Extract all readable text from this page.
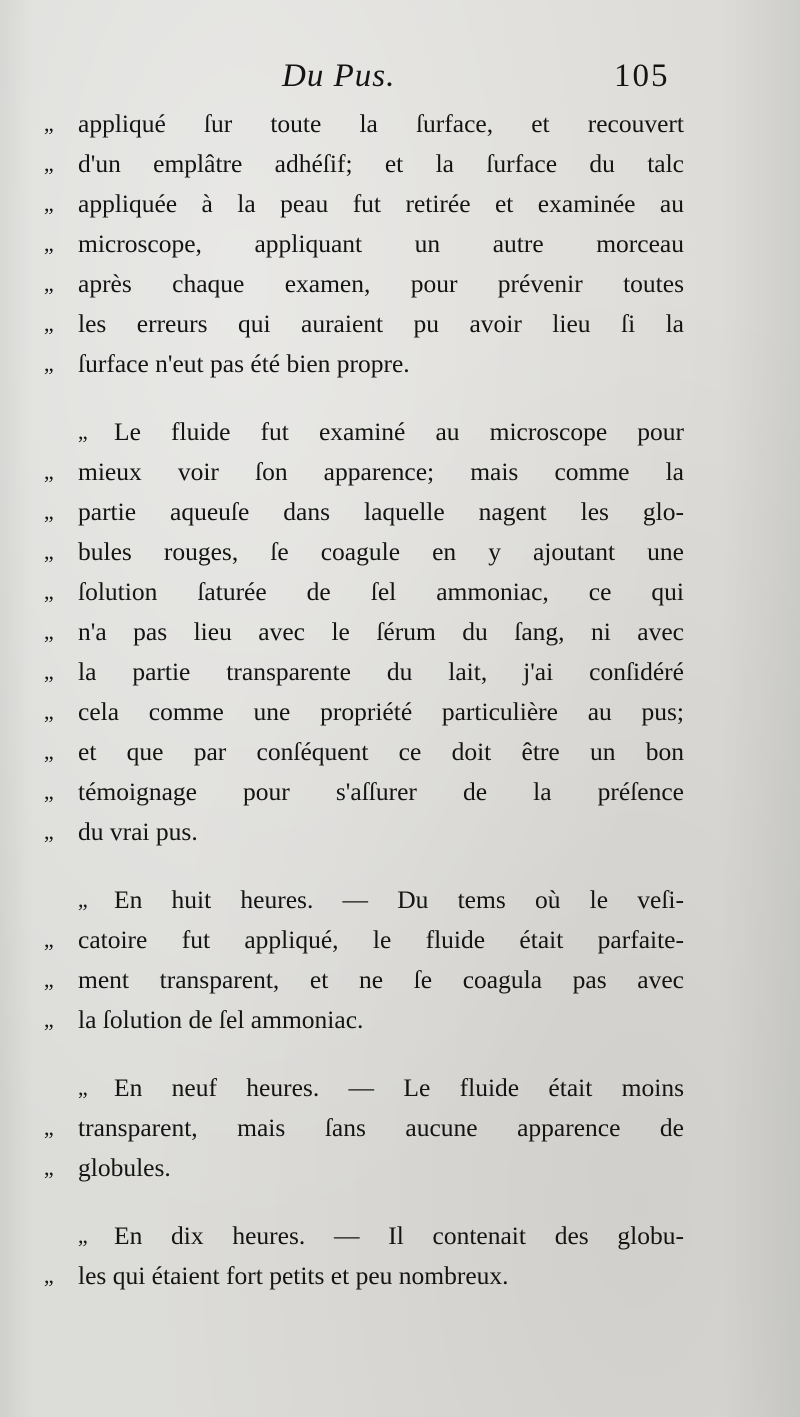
Du Pus.	105
,, appliqué ſur toute la ſurface, et recouvert
,, d'un emplâtre adhéſif; et la ſurface du talc
,, appliquée à la peau fut retirée et examinée au
,, microscope, appliquant un autre morceau
,, après chaque examen, pour prévenir toutes
,, les erreurs qui auraient pu avoir lieu ſi la
,, ſurface n'eut pas été bien propre.
,,	Le fluide fut examiné au microscope pour
,, mieux voir ſon apparence; mais comme la
,, partie aqueuſe dans laquelle nagent les glo-
,, bules rouges, ſe coagule en y ajoutant une
,, ſolution ſaturée de ſel ammoniac, ce qui
,, n'a pas lieu avec le ſérum du ſang, ni avec
,, la partie transparente du lait, j'ai conſidéré
,, cela comme une propriété particulière au pus;
,, et que par conſéquent ce doit être un bon
,, témoignage pour s'aſſurer de la préſence
,, du vrai pus.
,,	En huit heures. — Du tems où le veſi-
,, catoire fut appliqué, le fluide était parfaite-
,, ment transparent, et ne ſe coagula pas avec
,, la ſolution de ſel ammoniac.
,,	En neuf heures. — Le fluide était moins
,, transparent, mais ſans aucune apparence de
,, globules.
,,	En dix heures. — Il contenait des globu-
,, les qui étaient fort petits et peu nombreux.
